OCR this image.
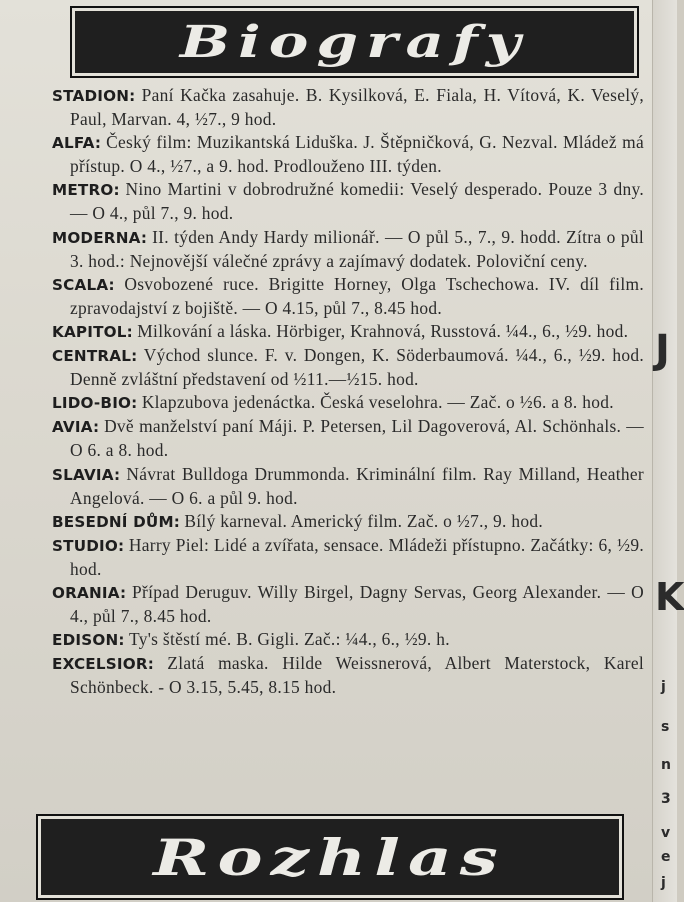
J
K
j
s
n
3
v
e
j
Biografy

STADION: Paní Kačka zasahuje. B. Kysilková, E. Fiala, H. Vítová, K. Veselý, Paul, Marvan. 4, ½7., 9 hod.

ALFA: Český film: Muzikantská Liduška. J. Štěpničková, G. Nezval. Mládež má přístup. O 4., ½7., a 9. hod. Prodlouženo III. týden.

METRO: Nino Martini v dobrodružné komedii: Veselý desperado. Pouze 3 dny. — O 4., půl 7., 9. hod.

MODERNA: II. týden Andy Hardy milionář. — O půl 5., 7., 9. hodd. Zítra o půl 3. hod.: Nejnovější válečné zprávy a zajímavý dodatek. Poloviční ceny.

SCALA: Osvobozené ruce. Brigitte Horney, Olga Tschechowa. IV. díl film. zpravodajství z bojiště. — O 4.15, půl 7., 8.45 hod.

KAPITOL: Milkování a láska. Hörbiger, Krahnová, Russtová. ¼4., 6., ½9. hod.

CENTRAL: Východ slunce. F. v. Dongen, K. Söderbaumová. ¼4., 6., ½9. hod. Denně zvláštní představení od ½11.—½15. hod.

LIDO-BIO: Klapzubova jedenáctka. Česká veselohra. — Zač. o ½6. a 8. hod.

AVIA: Dvě manželství paní Máji. P. Petersen, Lil Dagoverová, Al. Schönhals. — O 6. a 8. hod.

SLAVIA: Návrat Bulldoga Drummonda. Kriminální film. Ray Milland, Heather Angelová. — O 6. a půl 9. hod.

BESEDNÍ DŮM: Bílý karneval. Americký film. Zač. o ½7., 9. hod.

STUDIO: Harry Piel: Lidé a zvířata, sensace. Mládeži přístupno. Začátky: 6, ½9. hod.

ORANIA: Případ Deruguv. Willy Birgel, Dagny Servas, Georg Alexander. — O 4., půl 7., 8.45 hod.

EDISON: Ty's štěstí mé. B. Gigli. Zač.: ¼4., 6., ½9. h.

EXCELSIOR: Zlatá maska. Hilde Weissnerová, Albert Materstock, Karel Schönbeck. - O 3.15, 5.45, 8.15 hod.

Rozhlas
